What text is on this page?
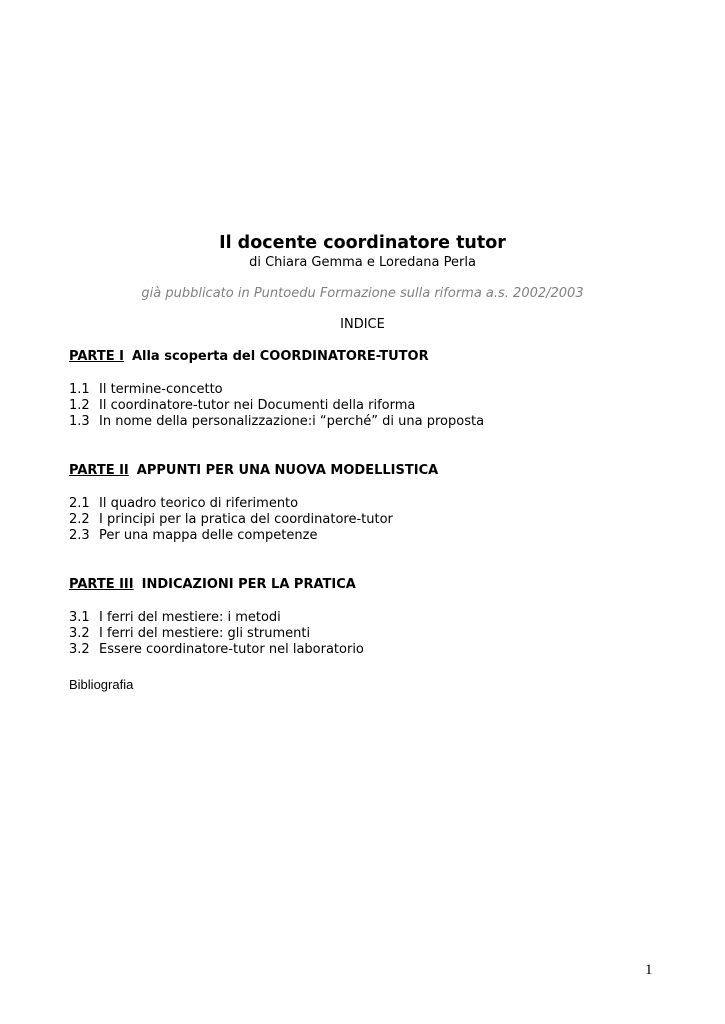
Il docente coordinatore tutor
di Chiara Gemma e Loredana Perla
già pubblicato in Puntoedu Formazione sulla riforma a.s. 2002/2003
INDICE
PARTE I Alla scoperta del COORDINATORE-TUTOR
1.1 Il termine-concetto
1.2 Il coordinatore-tutor nei Documenti della riforma
1.3 In nome della personalizzazione:i “perché” di una proposta
PARTE II APPUNTI PER UNA NUOVA MODELLISTICA
2.1 Il quadro teorico di riferimento
2.2 I principi per la pratica del coordinatore-tutor
2.3 Per una mappa delle competenze
PARTE III INDICAZIONI PER LA PRATICA
3.1 I ferri del mestiere: i metodi
3.2 I ferri del mestiere: gli strumenti
3.2 Essere coordinatore-tutor nel laboratorio
Bibliografia
1
